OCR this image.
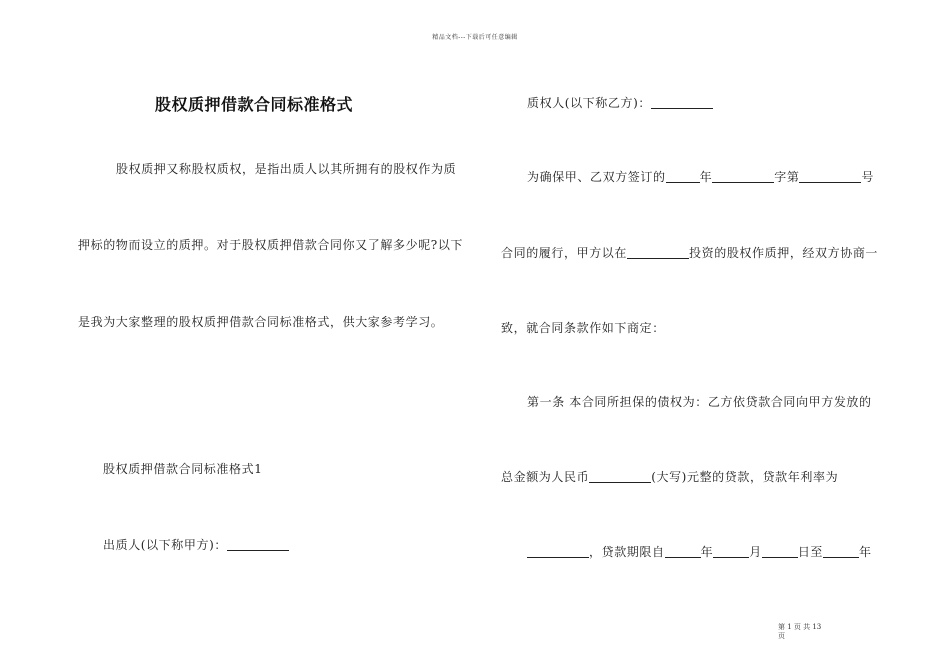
精品文档---下载后可任意编辑
股权质押借款合同标准格式
股权质押又称股权质权，是指出质人以其所拥有的股权作为质
押标的物而设立的质押。对于股权质押借款合同你又了解多少呢?以下
是我为大家整理的股权质押借款合同标准格式，供大家参考学习。
股权质押借款合同标准格式1
出质人(以下称甲方)：
质权人(以下称乙方)：
为确保甲、乙双方签订的	年	字第	号
合同的履行，甲方以在	投资的股权作质押，经双方协商一
致，就合同条款作如下商定：
第一条 本合同所担保的债权为：乙方依贷款合同向甲方发放的
总金额为人民币	(大写)元整的贷款，贷款年利率为
，贷款期限自	年	月	日至	年
第 1 页 共 13
页
